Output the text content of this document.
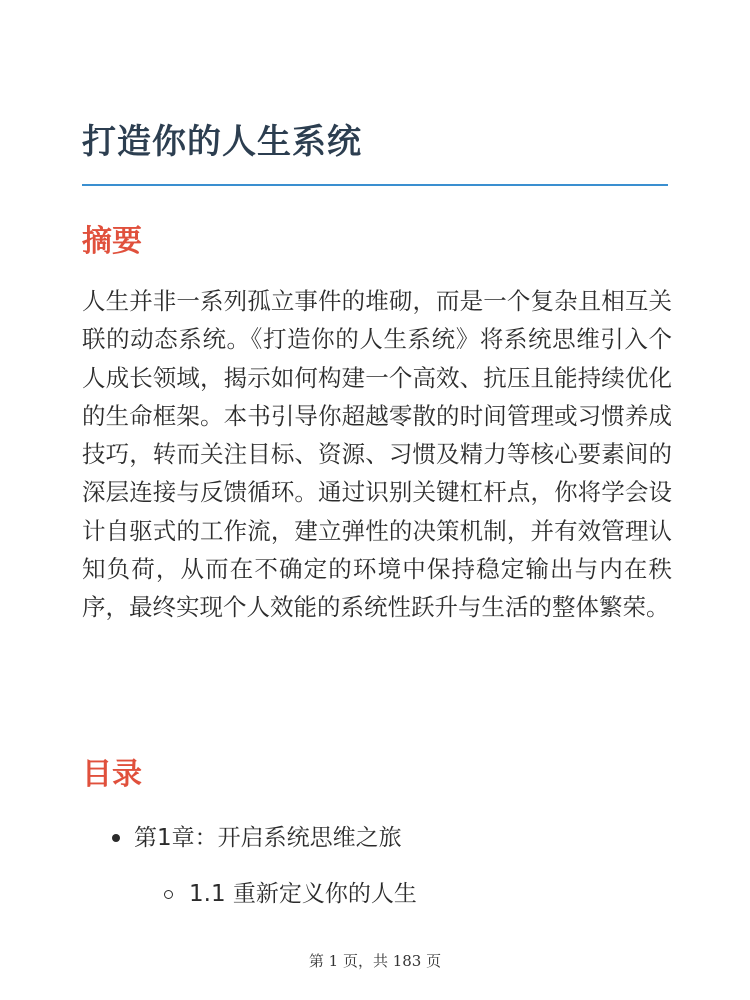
打造你的人生系统
摘要

人生并非一系列孤立事件的堆砌，而是一个复杂且相互关联的动态系统。《打造你的人生系统》将系统思维引入个人成长领域，揭示如何构建一个高效、抗压且能持续优化的生命框架。本书引导你超越零散的时间管理或习惯养成技巧，转而关注目标、资源、习惯及精力等核心要素间的深层连接与反馈循环。通过识别关键杠杆点，你将学会设计自驱式的工作流，建立弹性的决策机制，并有效管理认知负荷，从而在不确定的环境中保持稳定输出与内在秩序，最终实现个人效能的系统性跃升与生活的整体繁荣。

目录
第1章：开启系统思维之旅
1.1 重新定义你的人生
第 1 页，共 183 页
